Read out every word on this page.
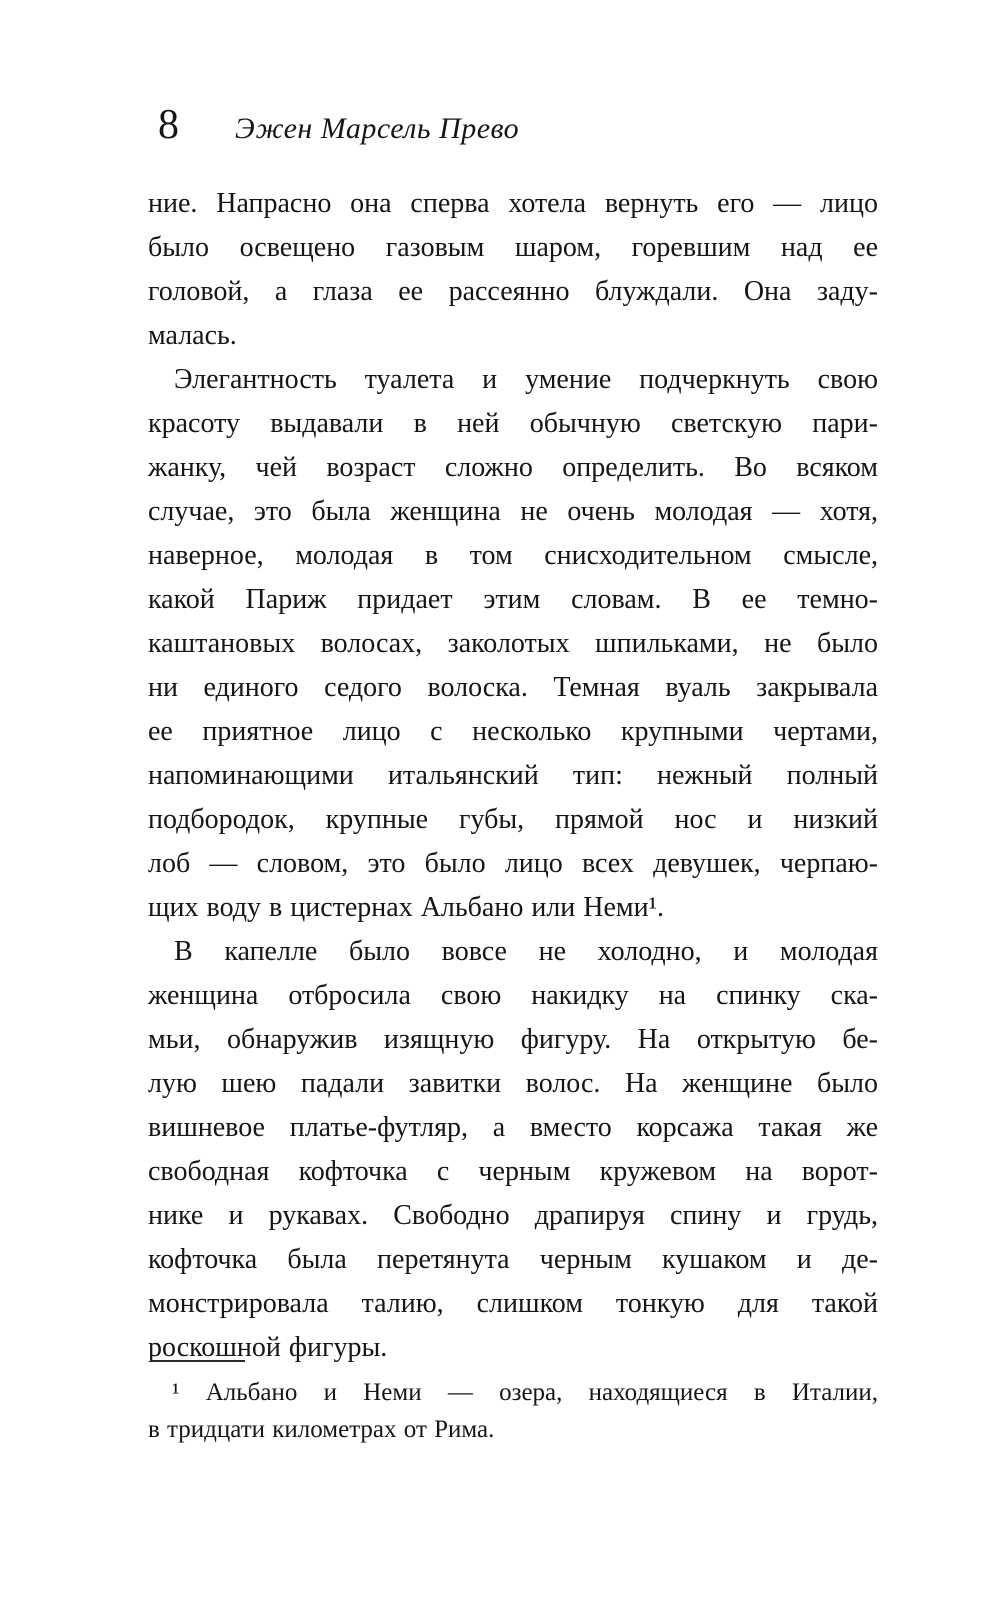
8 Эжен Марсель Прево
ние. Напрасно она сперва хотела вернуть его — лицо
было освещено газовым шаром, горевшим над ее
головой, а глаза ее рассеянно блуждали. Она заду-
малась.
Элегантность туалета и умение подчеркнуть свою
красоту выдавали в ней обычную светскую пари-
жанку, чей возраст сложно определить. Во всяком
случае, это была женщина не очень молодая — хотя,
наверное, молодая в том снисходительном смысле,
какой Париж придает этим словам. В ее темно-
каштановых волосах, заколотых шпильками, не было
ни единого седого волоска. Темная вуаль закрывала
ее приятное лицо с несколько крупными чертами,
напоминающими итальянский тип: нежный полный
подбородок, крупные губы, прямой нос и низкий
лоб — словом, это было лицо всех девушек, черпаю-
щих воду в цистернах Альбано или Неми¹.
В капелле было вовсе не холодно, и молодая
женщина отбросила свою накидку на спинку ска-
мьи, обнаружив изящную фигуру. На открытую бе-
лую шею падали завитки волос. На женщине было
вишневое платье-футляр, а вместо корсажа такая же
свободная кофточка с черным кружевом на ворот-
нике и рукавах. Свободно драпируя спину и грудь,
кофточка была перетянута черным кушаком и де-
монстрировала талию, слишком тонкую для такой
роскошной фигуры.
¹ Альбано и Неми — озера, находящиеся в Италии,
в тридцати километрах от Рима.
